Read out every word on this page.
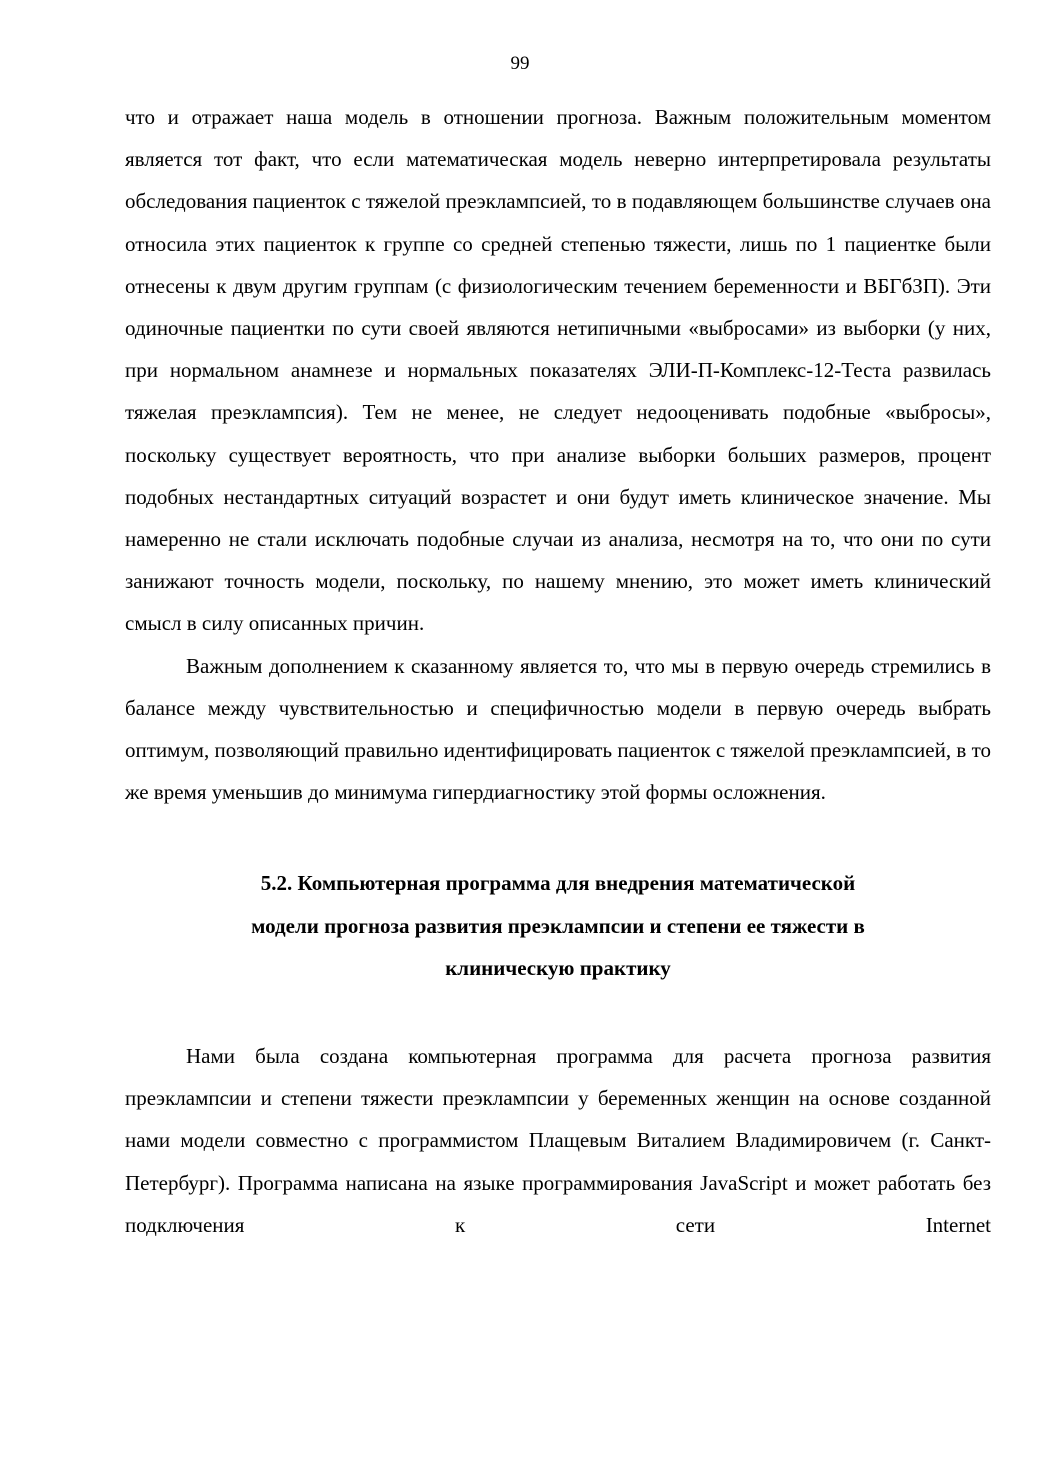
99

что и отражает наша модель в отношении прогноза. Важным положительным моментом является тот факт, что если математическая модель неверно интерпретировала результаты обследования пациенток с тяжелой преэклампсией, то в подавляющем большинстве случаев она относила этих пациенток к группе со средней степенью тяжести, лишь по 1 пациентке были отнесены к двум другим группам (с физиологическим течением беременности и ВБГбЗП). Эти одиночные пациентки по сути своей являются нетипичными «выбросами» из выборки (у них, при нормальном анамнезе и нормальных показателях ЭЛИ-П-Комплекс-12-Теста развилась тяжелая преэклампсия). Тем не менее, не следует недооценивать подобные «выбросы», поскольку существует вероятность, что при анализе выборки больших размеров, процент подобных нестандартных ситуаций возрастет и они будут иметь клиническое значение. Мы намеренно не стали исключать подобные случаи из анализа, несмотря на то, что они по сути занижают точность модели, поскольку, по нашему мнению, это может иметь клинический смысл в силу описанных причин.

Важным дополнением к сказанному является то, что мы в первую очередь стремились в балансе между чувствительностью и специфичностью модели в первую очередь выбрать оптимум, позволяющий правильно идентифицировать пациенток с тяжелой преэклампсией, в то же время уменьшив до минимума гипердиагностику этой формы осложнения.

5.2. Компьютерная программа для внедрения математической
модели прогноза развития преэклампсии и степени ее тяжести в
клиническую практику

Нами была создана компьютерная программа для расчета прогноза развития преэклампсии и степени тяжести преэклампсии у беременных женщин на основе созданной нами модели совместно с программистом Плащевым Виталием Владимировичем (г. Санкт-Петербург). Программа написана на языке программирования JavaScript и может работать без подключения к сети Internet
